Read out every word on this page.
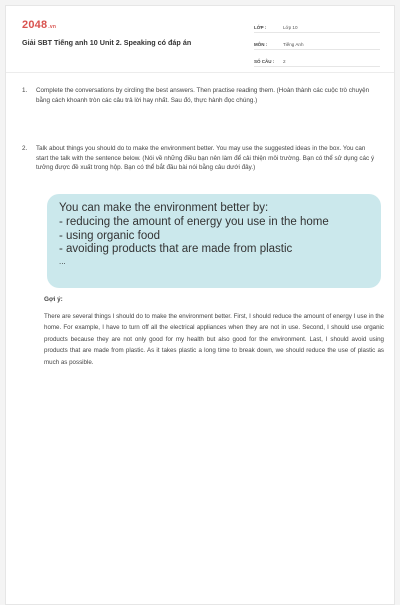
2048.vn
Giải SBT Tiếng anh 10 Unit 2. Speaking có đáp án
LỚP :	Lớp 10
MÔN :	Tiếng Anh
SỐ CÂU :	2
1. Complete the conversations by circling the best answers. Then practise reading them. (Hoàn thành các cuộc trò chuyện bằng cách khoanh tròn các câu trả lời hay nhất. Sau đó, thực hành đọc chúng.)
2. Talk about things you should do to make the environment better. You may use the suggested ideas in the box. You can start the talk with the sentence below. (Nói về những điều bạn nên làm để cải thiện môi trường. Bạn có thể sử dụng các ý tưởng được đề xuất trong hộp. Bạn có thể bắt đầu bài nói bằng câu dưới đây.)
You can make the environment better by:
- reducing the amount of energy you use in the home
- using organic food
- avoiding products that are made from plastic
...
Gợi ý:
There are several things I should do to make the environment better. First, I should reduce the amount of energy I use in the home. For example, I have to turn off all the electrical appliances when they are not in use. Second, I should use organic products because they are not only good for my health but also good for the environment. Last, I should avoid using products that are made from plastic. As it takes plastic a long time to break down, we should reduce the use of plastic as much as possible.
